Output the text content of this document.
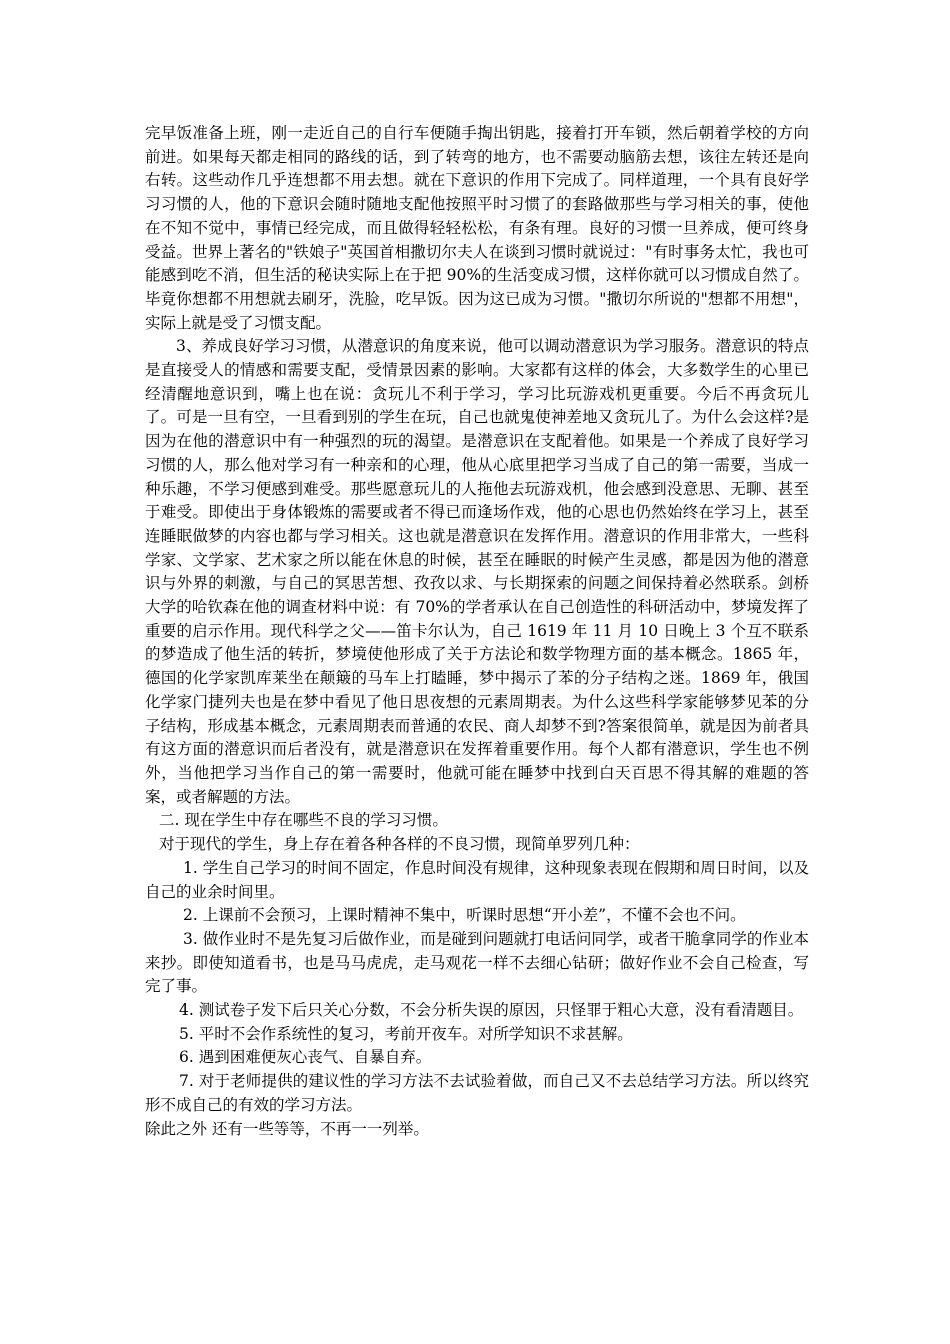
完早饭准备上班，刚一走近自己的自行车便随手掏出钥匙，接着打开车锁，然后朝着学校的方向前进。如果每天都走相同的路线的话，到了转弯的地方，也不需要动脑筋去想，该往左转还是向右转。这些动作几乎连想都不用去想。就在下意识的作用下完成了。同样道理，一个具有良好学习习惯的人，他的下意识会随时随地支配他按照平时习惯了的套路做那些与学习相关的事，使他在不知不觉中，事情已经完成，而且做得轻轻松松，有条有理。良好的习惯一旦养成，便可终身受益。世界上著名的"铁娘子"英国首相撒切尔夫人在谈到习惯时就说过："有时事务太忙，我也可能感到吃不消，但生活的秘诀实际上在于把 90%的生活变成习惯，这样你就可以习惯成自然了。毕竟你想都不用想就去刷牙，洗脸，吃早饭。因为这已成为习惯。"撒切尔所说的"想都不用想"，实际上就是受了习惯支配。

3、养成良好学习习惯，从潜意识的角度来说，他可以调动潜意识为学习服务。潜意识的特点是直接受人的情感和需要支配，受情景因素的影响。大家都有这样的体会，大多数学生的心里已经清醒地意识到，嘴上也在说：贪玩儿不利于学习，学习比玩游戏机更重要。今后不再贪玩儿了。可是一旦有空，一旦看到别的学生在玩，自己也就鬼使神差地又贪玩儿了。为什么会这样?是因为在他的潜意识中有一种强烈的玩的渴望。是潜意识在支配着他。如果是一个养成了良好学习习惯的人，那么他对学习有一种亲和的心理，他从心底里把学习当成了自己的第一需要，当成一种乐趣，不学习便感到难受。那些愿意玩儿的人拖他去玩游戏机，他会感到没意思、无聊、甚至于难受。即使出于身体锻炼的需要或者不得已而逢场作戏，他的心思也仍然始终在学习上，甚至连睡眠做梦的内容也都与学习相关。这也就是潜意识在发挥作用。潜意识的作用非常大，一些科学家、文学家、艺术家之所以能在休息的时候，甚至在睡眠的时候产生灵感，都是因为他的潜意识与外界的刺激，与自己的冥思苦想、孜孜以求、与长期探索的问题之间保持着必然联系。剑桥大学的哈钦森在他的调查材料中说：有 70%的学者承认在自己创造性的科研活动中，梦境发挥了重要的启示作用。现代科学之父——笛卡尔认为，自己 1619 年 11 月 10 日晚上 3 个互不联系的梦造成了他生活的转折，梦境使他形成了关于方法论和数学物理方面的基本概念。1865 年，德国的化学家凯库莱坐在颠簸的马车上打瞌睡，梦中揭示了苯的分子结构之迷。1869 年，俄国化学家门捷列夫也是在梦中看见了他日思夜想的元素周期表。为什么这些科学家能够梦见苯的分子结构，形成基本概念，元素周期表而普通的农民、商人却梦不到?答案很简单，就是因为前者具有这方面的潜意识而后者没有，就是潜意识在发挥着重要作用。每个人都有潜意识，学生也不例外，当他把学习当作自己的第一需要时，他就可能在睡梦中找到白天百思不得其解的难题的答案，或者解题的方法。

二. 现在学生中存在哪些不良的学习习惯。

对于现代的学生，身上存在着各种各样的不良习惯，现简单罗列几种：

1. 学生自己学习的时间不固定，作息时间没有规律，这种现象表现在假期和周日时间，以及自己的业余时间里。

2. 上课前不会预习，上课时精神不集中，听课时思想“开小差”，不懂不会也不问。

3. 做作业时不是先复习后做作业，而是碰到问题就打电话问同学，或者干脆拿同学的作业本来抄。即使知道看书，也是马马虎虎，走马观花一样不去细心钻研；做好作业不会自己检查，写完了事。

4. 测试卷子发下后只关心分数，不会分析失误的原因，只怪罪于粗心大意，没有看清题目。

5. 平时不会作系统性的复习，考前开夜车。对所学知识不求甚解。

6. 遇到困难便灰心丧气、自暴自弃。

7. 对于老师提供的建议性的学习方法不去试验着做，而自己又不去总结学习方法。所以终究形不成自己的有效的学习方法。

除此之外 还有一些等等，不再一一列举。
